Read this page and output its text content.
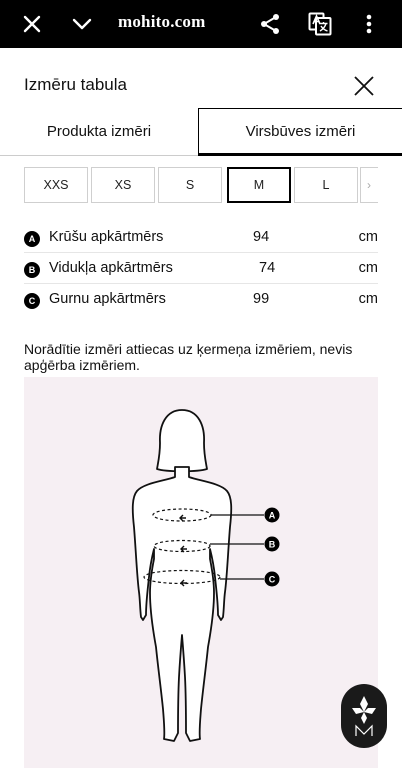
mohito.com
Izmēru tabula
Produkta izmēri	Virsbūves izmēri
XXS	XS	S	M	L	›
A Krūšu apkārtmērs	94	cm
B Vidukļa apkārtmērs	74	cm
C Gurnu apkārtmērs	99	cm
Norādītie izmēri attiecas uz ķermeņa izmēriem, nevis apģērba izmēriem.
A
B
C
